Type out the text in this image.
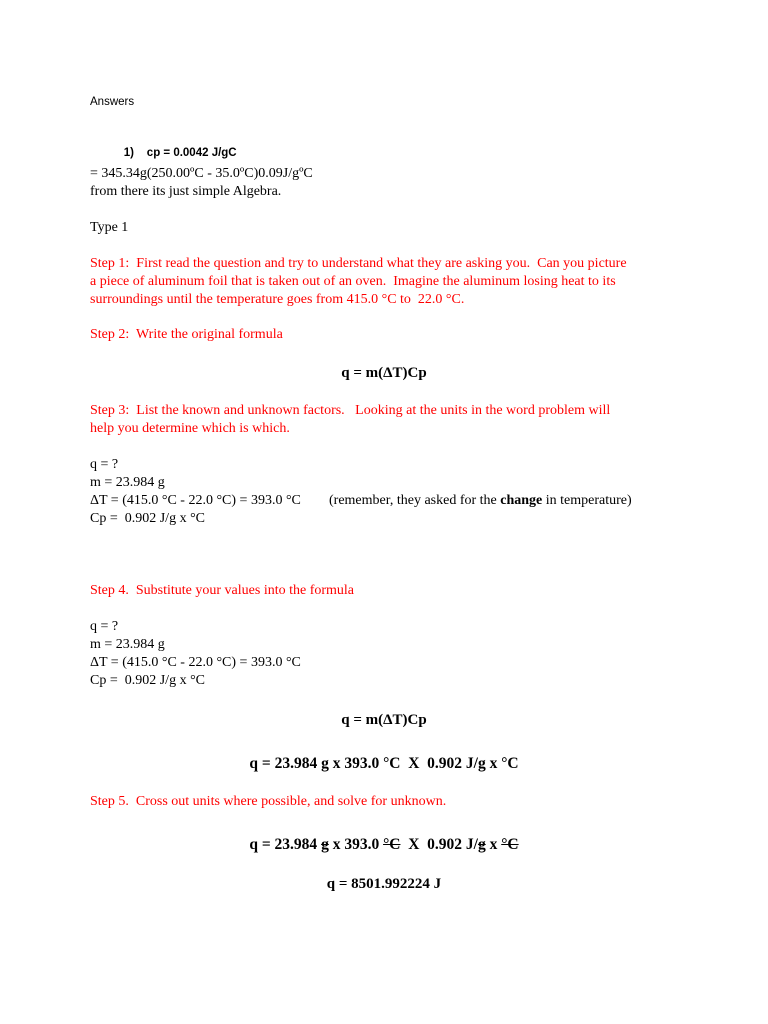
Answers

1) cp = 0.0042 J/gC

= 345.34g(250.00ºC - 35.0ºC)0.09J/gºC
from there its just simple Algebra.
Type 1
Step 1:  First read the question and try to understand what they are asking you.  Can you picture
a piece of aluminum foil that is taken out of an oven.  Imagine the aluminum losing heat to its
surroundings until the temperature goes from 415.0 °C to  22.0 °C.
Step 2:  Write the original formula
q = m(ΔT)Cp
Step 3:  List the known and unknown factors.   Looking at the units in the word problem will
help you determine which is which.
q = ?
m = 23.984 g
ΔT = (415.0 °C - 22.0 °C) = 393.0 °C (remember, they asked for the change in temperature)
Cp =  0.902 J/g x °C
Step 4.  Substitute your values into the formula
q = ?
m = 23.984 g
ΔT = (415.0 °C - 22.0 °C) = 393.0 °C
Cp =  0.902 J/g x °C
q = m(ΔT)Cp
q = 23.984 g x 393.0 °C  X  0.902 J/g x °C
Step 5.  Cross out units where possible, and solve for unknown.
q = 23.984 g x 393.0 °C  X  0.902 J/g x °C
q = 8501.992224 J
